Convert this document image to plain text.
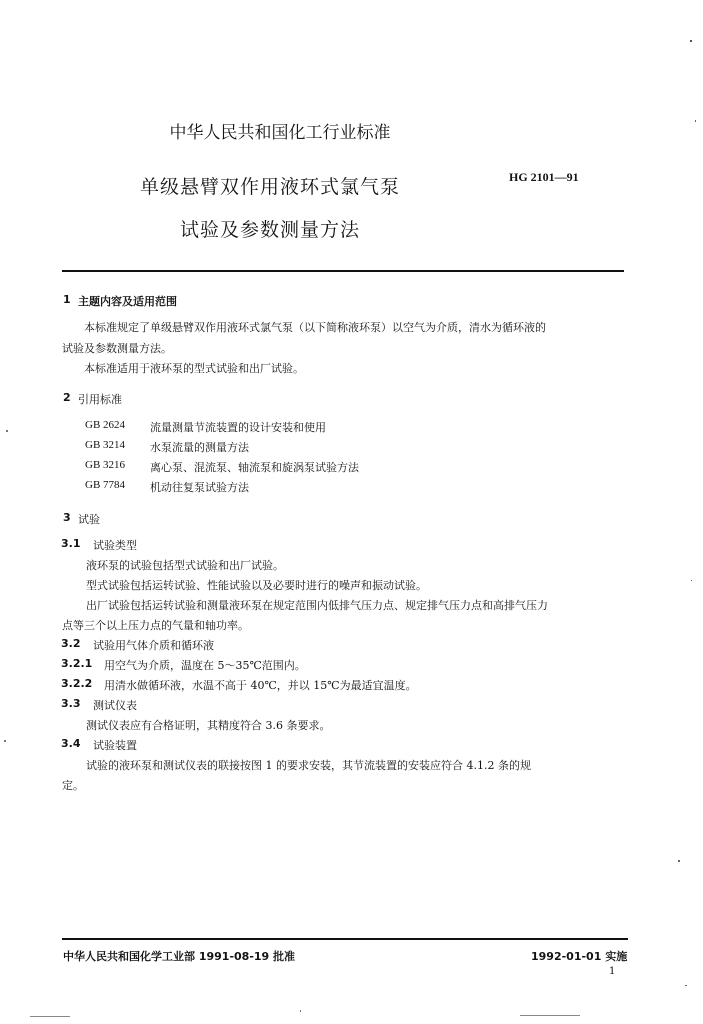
中华人民共和国化工行业标准
单级悬臂双作用液环式氯气泵
试验及参数测量方法
HG 2101—91
1 主题内容及适用范围
本标准规定了单级悬臂双作用液环式氯气泵（以下简称液环泵）以空气为介质，清水为循环液的
试验及参数测量方法。
本标准适用于液环泵的型式试验和出厂试验。
2 引用标准
GB 2624 流量测量节流装置的设计安装和使用
GB 3214 水泵流量的测量方法
GB 3216 离心泵、混流泵、轴流泵和旋涡泵试验方法
GB 7784 机动往复泵试验方法
3 试验
3.1 试验类型
液环泵的试验包括型式试验和出厂试验。
型式试验包括运转试验、性能试验以及必要时进行的噪声和振动试验。
出厂试验包括运转试验和测量液环泵在规定范围内低排气压力点、规定排气压力点和高排气压力
点等三个以上压力点的气量和轴功率。
3.2 试验用气体介质和循环液
3.2.1 用空气为介质，温度在 5～35℃范围内。
3.2.2 用清水做循环液，水温不高于 40℃，并以 15℃为最适宜温度。
3.3 测试仪表
测试仪表应有合格证明，其精度符合 3.6 条要求。
3.4 试验装置
试验的液环泵和测试仪表的联接按图 1 的要求安装，其节流装置的安装应符合 4.1.2 条的规
定。
中华人民共和国化学工业部 1991-08-19 批准	1992-01-01 实施
1
